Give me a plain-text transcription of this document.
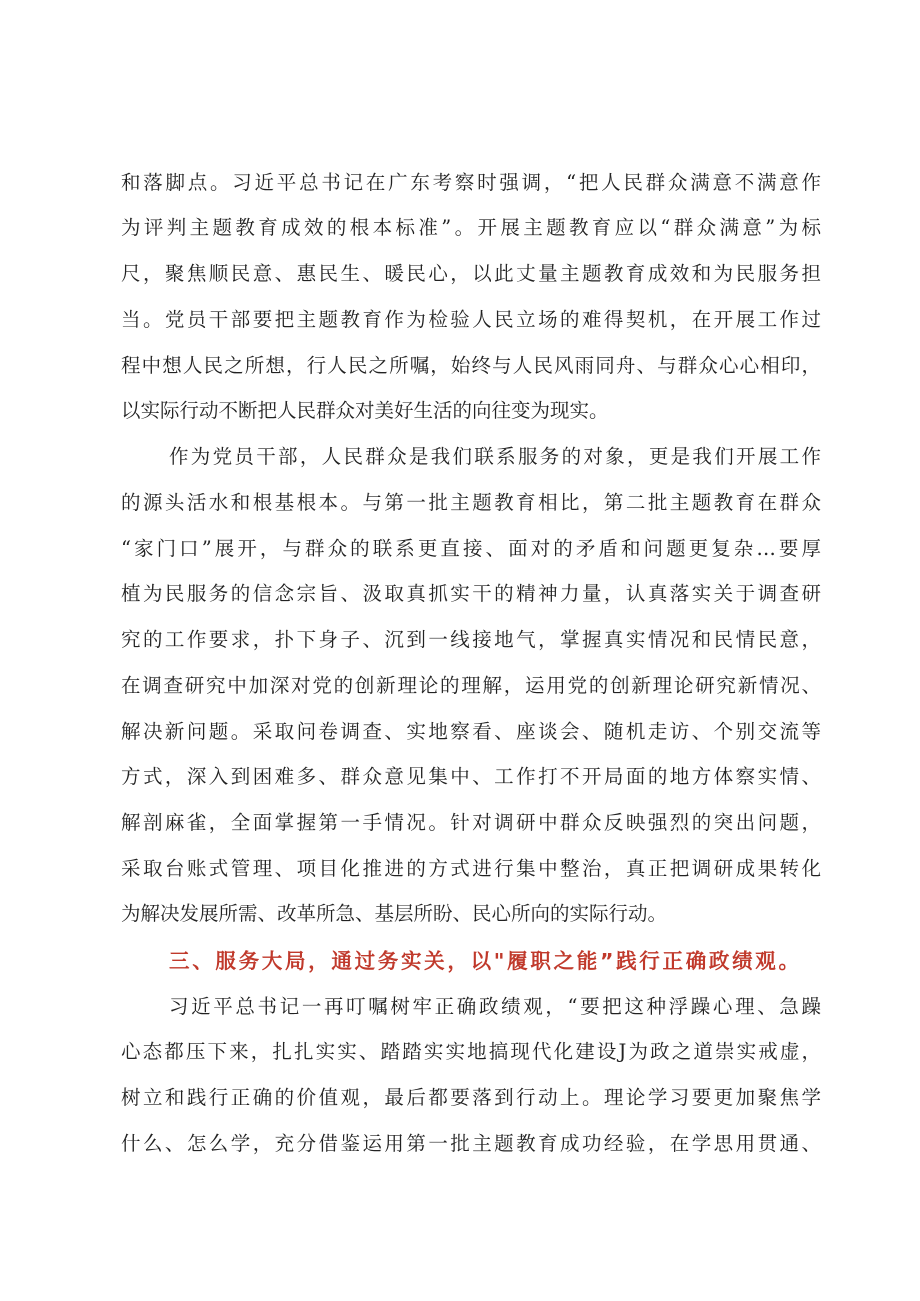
和落脚点。习近平总书记在广东考察时强调，“把人民群众满意不满意作
为评判主题教育成效的根本标准”。开展主题教育应以“群众满意”为标
尺，聚焦顺民意、惠民生、暖民心，以此丈量主题教育成效和为民服务担
当。党员干部要把主题教育作为检验人民立场的难得契机，在开展工作过
程中想人民之所想，行人民之所嘱，始终与人民风雨同舟、与群众心心相印，
以实际行动不断把人民群众对美好生活的向往变为现实。
作为党员干部，人民群众是我们联系服务的对象，更是我们开展工作
的源头活水和根基根本。与第一批主题教育相比，第二批主题教育在群众
“家门口”展开，与群众的联系更直接、面对的矛盾和问题更复杂…要厚
植为民服务的信念宗旨、汲取真抓实干的精神力量，认真落实关于调查研
究的工作要求，扑下身子、沉到一线接地气，掌握真实情况和民情民意，
在调查研究中加深对党的创新理论的理解，运用党的创新理论研究新情况、
解决新问题。采取问卷调查、实地察看、座谈会、随机走访、个别交流等
方式，深入到困难多、群众意见集中、工作打不开局面的地方体察实情、
解剖麻雀，全面掌握第一手情况。针对调研中群众反映强烈的突出问题，
采取台账式管理、项目化推进的方式进行集中整治，真正把调研成果转化
为解决发展所需、改革所急、基层所盼、民心所向的实际行动。
三、服务大局，通过务实关，以"履职之能”践行正确政绩观。
习近平总书记一再叮嘱树牢正确政绩观，“要把这种浮躁心理、急躁
心态都压下来，扎扎实实、踏踏实实地搞现代化建设J为政之道崇实戒虚，
树立和践行正确的价值观，最后都要落到行动上。理论学习要更加聚焦学
什么、怎么学，充分借鉴运用第一批主题教育成功经验，在学思用贯通、
